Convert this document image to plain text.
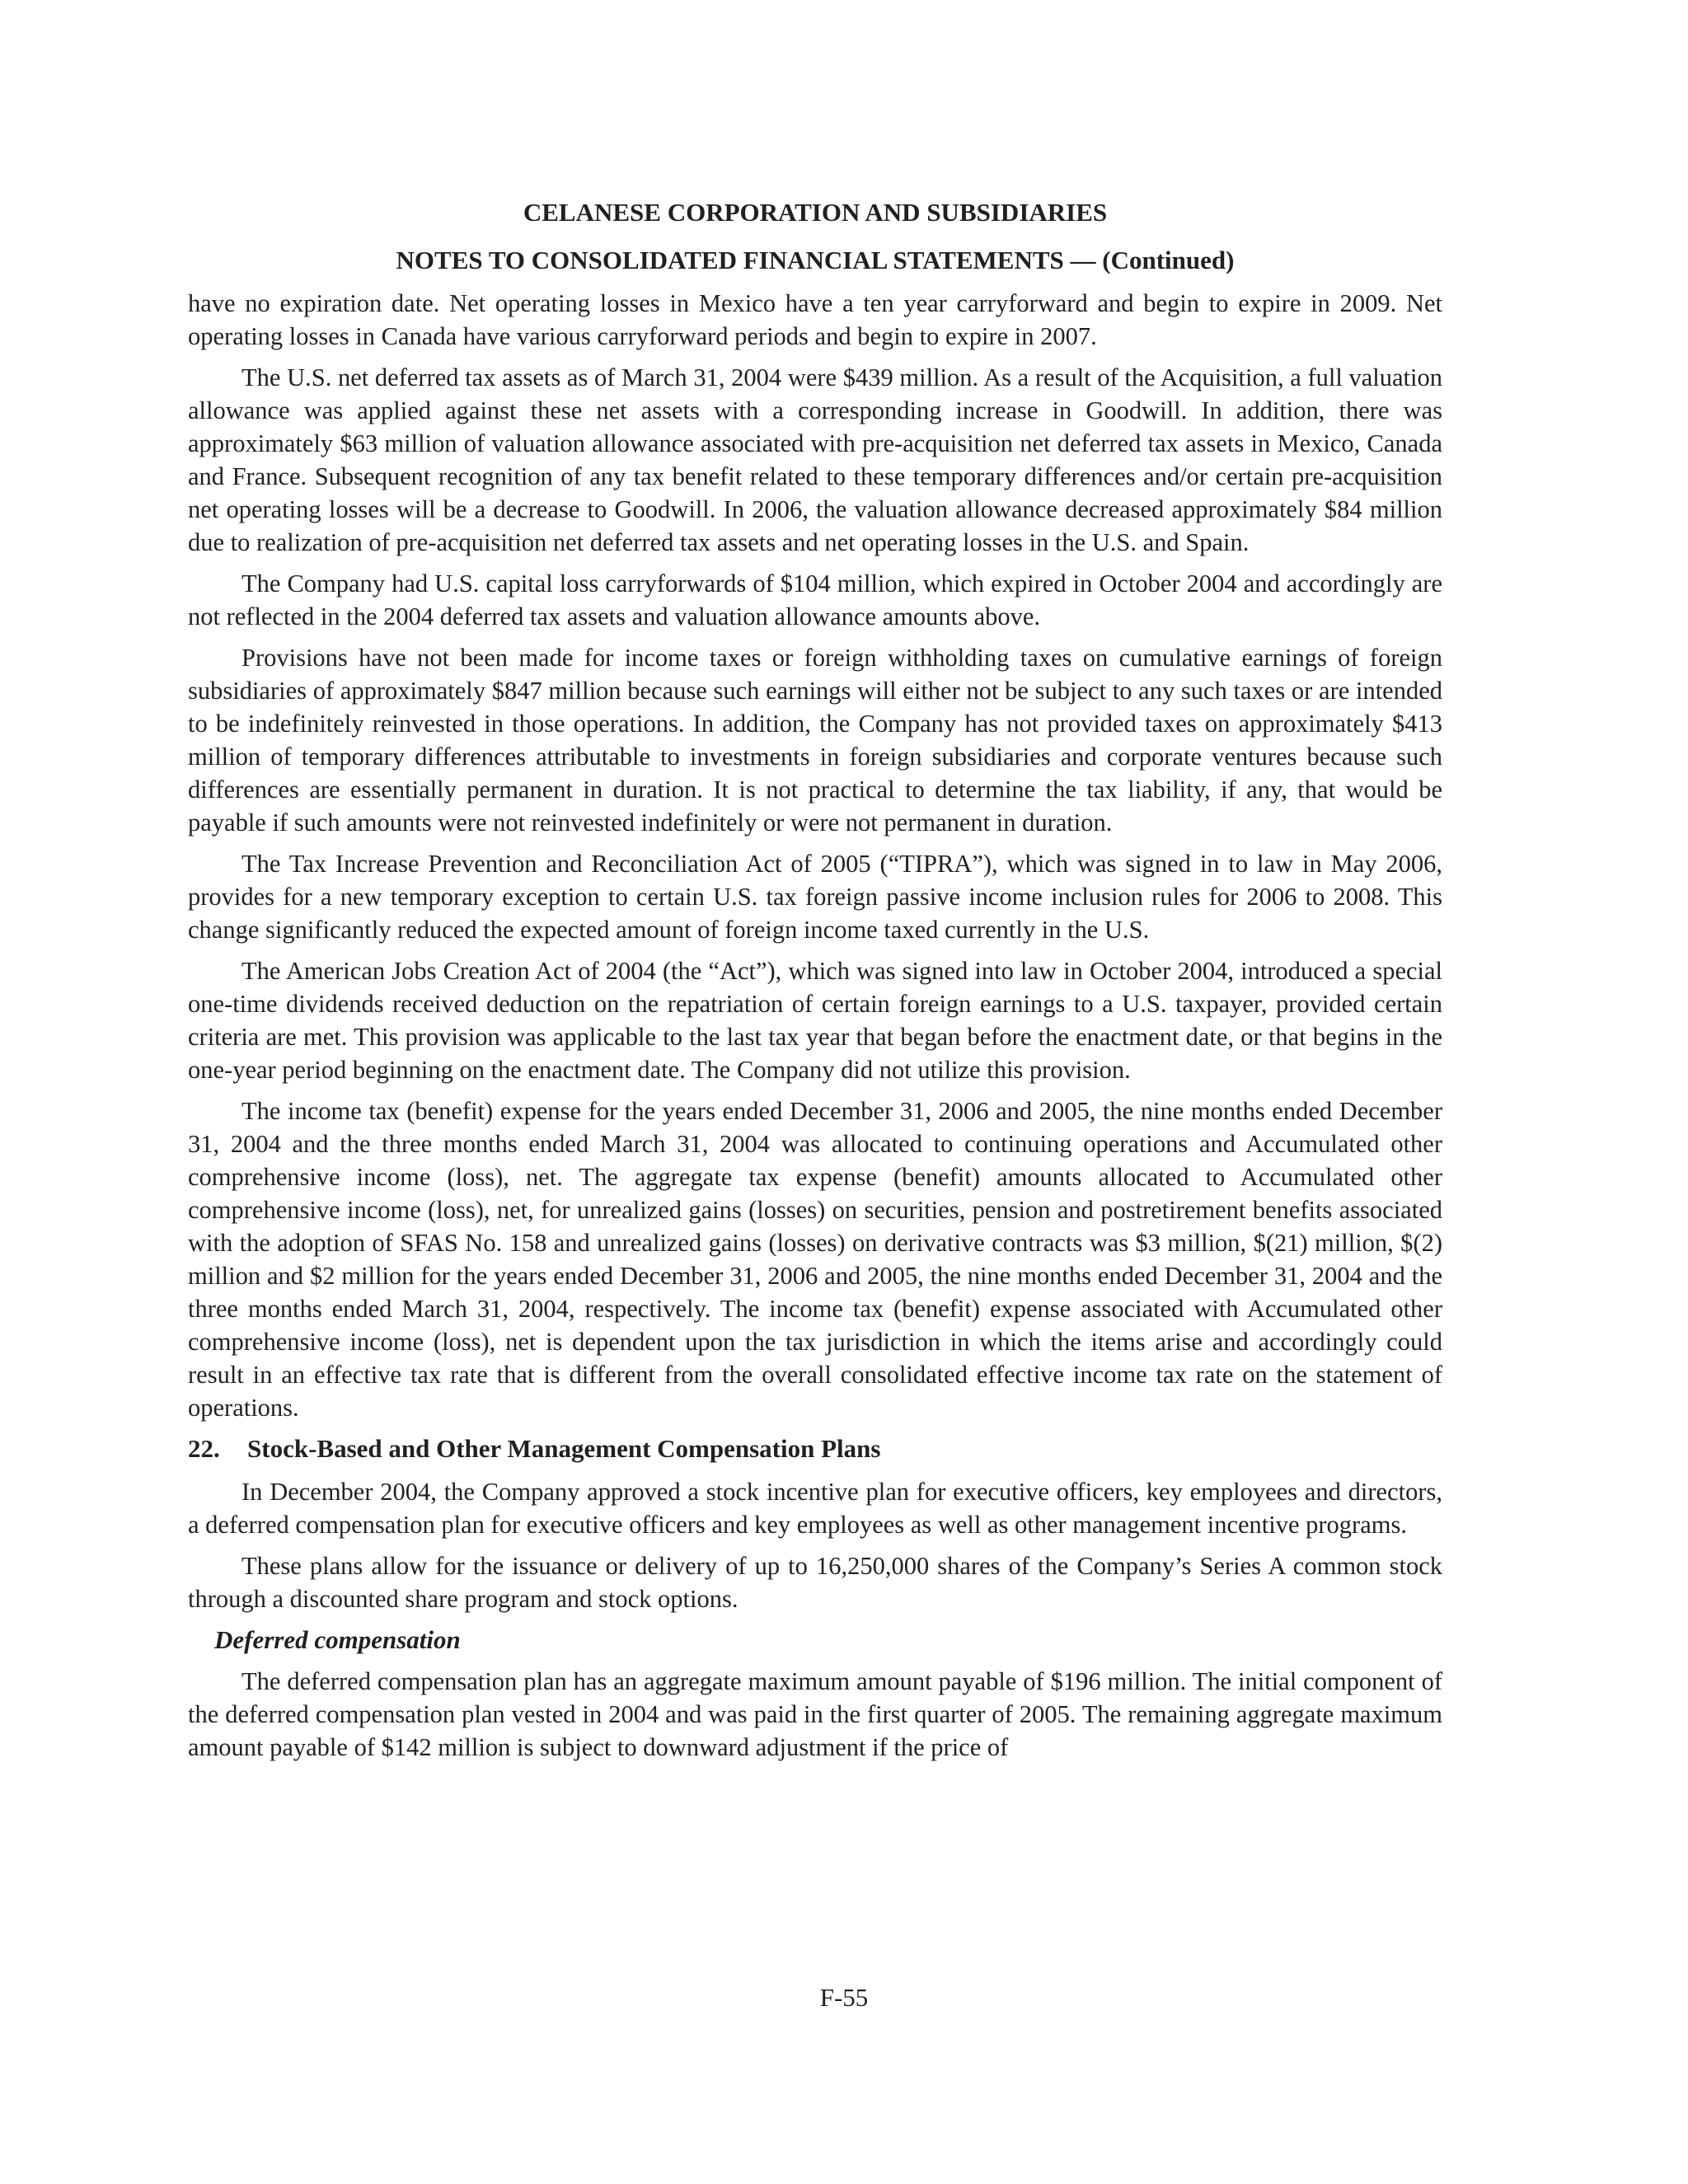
CELANESE CORPORATION AND SUBSIDIARIES
NOTES TO CONSOLIDATED FINANCIAL STATEMENTS — (Continued)

have no expiration date. Net operating losses in Mexico have a ten year carryforward and begin to expire in 2009. Net operating losses in Canada have various carryforward periods and begin to expire in 2007.

The U.S. net deferred tax assets as of March 31, 2004 were $439 million. As a result of the Acquisition, a full valuation allowance was applied against these net assets with a corresponding increase in Goodwill. In addition, there was approximately $63 million of valuation allowance associated with pre-acquisition net deferred tax assets in Mexico, Canada and France. Subsequent recognition of any tax benefit related to these temporary differences and/or certain pre-acquisition net operating losses will be a decrease to Goodwill. In 2006, the valuation allowance decreased approximately $84 million due to realization of pre-acquisition net deferred tax assets and net operating losses in the U.S. and Spain.

The Company had U.S. capital loss carryforwards of $104 million, which expired in October 2004 and accordingly are not reflected in the 2004 deferred tax assets and valuation allowance amounts above.

Provisions have not been made for income taxes or foreign withholding taxes on cumulative earnings of foreign subsidiaries of approximately $847 million because such earnings will either not be subject to any such taxes or are intended to be indefinitely reinvested in those operations. In addition, the Company has not provided taxes on approximately $413 million of temporary differences attributable to investments in foreign subsidiaries and corporate ventures because such differences are essentially permanent in duration. It is not practical to determine the tax liability, if any, that would be payable if such amounts were not reinvested indefinitely or were not permanent in duration.

The Tax Increase Prevention and Reconciliation Act of 2005 (“TIPRA”), which was signed in to law in May 2006, provides for a new temporary exception to certain U.S. tax foreign passive income inclusion rules for 2006 to 2008. This change significantly reduced the expected amount of foreign income taxed currently in the U.S.

The American Jobs Creation Act of 2004 (the “Act”), which was signed into law in October 2004, introduced a special one-time dividends received deduction on the repatriation of certain foreign earnings to a U.S. taxpayer, provided certain criteria are met. This provision was applicable to the last tax year that began before the enactment date, or that begins in the one-year period beginning on the enactment date. The Company did not utilize this provision.

The income tax (benefit) expense for the years ended December 31, 2006 and 2005, the nine months ended December 31, 2004 and the three months ended March 31, 2004 was allocated to continuing operations and Accumulated other comprehensive income (loss), net. The aggregate tax expense (benefit) amounts allocated to Accumulated other comprehensive income (loss), net, for unrealized gains (losses) on securities, pension and postretirement benefits associated with the adoption of SFAS No. 158 and unrealized gains (losses) on derivative contracts was $3 million, $(21) million, $(2) million and $2 million for the years ended December 31, 2006 and 2005, the nine months ended December 31, 2004 and the three months ended March 31, 2004, respectively. The income tax (benefit) expense associated with Accumulated other comprehensive income (loss), net is dependent upon the tax jurisdiction in which the items arise and accordingly could result in an effective tax rate that is different from the overall consolidated effective income tax rate on the statement of operations.

22. Stock-Based and Other Management Compensation Plans

In December 2004, the Company approved a stock incentive plan for executive officers, key employees and directors, a deferred compensation plan for executive officers and key employees as well as other management incentive programs.

These plans allow for the issuance or delivery of up to 16,250,000 shares of the Company’s Series A common stock through a discounted share program and stock options.

Deferred compensation

The deferred compensation plan has an aggregate maximum amount payable of $196 million. The initial component of the deferred compensation plan vested in 2004 and was paid in the first quarter of 2005. The remaining aggregate maximum amount payable of $142 million is subject to downward adjustment if the price of

F-55
